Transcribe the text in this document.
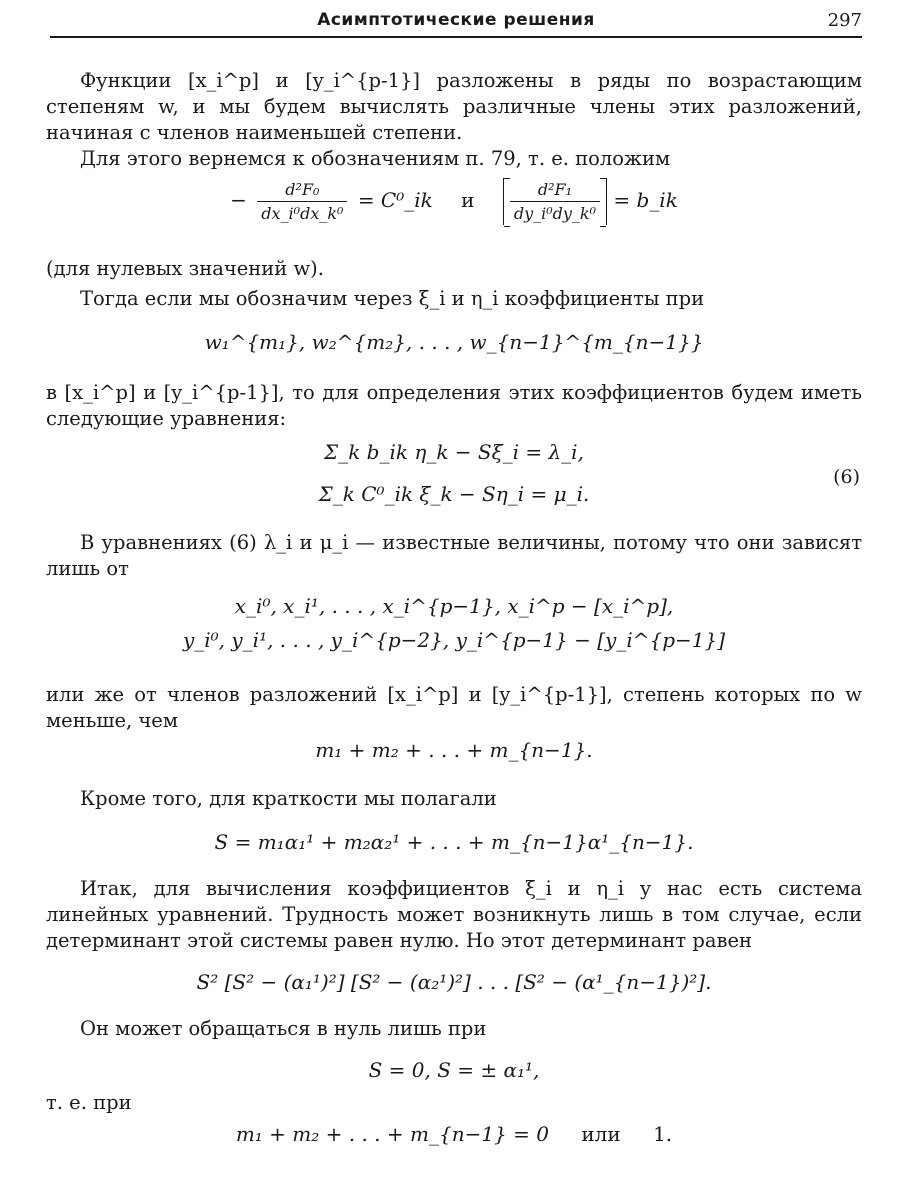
Асимптотические решения	297

Функции [x_i^p] и [y_i^{p-1}] разложены в ряды по возрастающим степеням w, и мы будем вычислять различные члены этих разложений, начиная с членов наименьшей степени.

Для этого вернемся к обозначениям п. 79, т. е. положим

− $\frac{\text{d²F₀}}{\text{dx\_i⁰dx\_k⁰}}$ = C⁰_ik и $\frac{\text{d²F₁}}{\text{dy\_i⁰dy\_k⁰}}$ = b_ik

(для нулевых значений w).

Тогда если мы обозначим через ξ_i и η_i коэффициенты при

w₁^{m₁}, w₂^{m₂}, . . . , w_{n−1}^{m_{n−1}}

в [x_i^p] и [y_i^{p-1}], то для определения этих коэффициентов будем иметь следующие уравнения:

Σ_k b_ik η_k − Sξ_i = λ_i,
Σ_k C⁰_ik ξ_k − Sη_i = μ_i.
(6)

В уравнениях (6) λ_i и μ_i — известные величины, потому что они зависят лишь от

x_i⁰, x_i¹, . . . , x_i^{p−1}, x_i^p − [x_i^p],
y_i⁰, y_i¹, . . . , y_i^{p−2}, y_i^{p−1} − [y_i^{p−1}]

или же от членов разложений [x_i^p] и [y_i^{p-1}], степень которых по w меньше, чем

m₁ + m₂ + . . . + m_{n−1}.

Кроме того, для краткости мы полагали

S = m₁α₁¹ + m₂α₂¹ + . . . + m_{n−1}α¹_{n−1}.

Итак, для вычисления коэффициентов ξ_i и η_i у нас есть система линейных уравнений. Трудность может возникнуть лишь в том случае, если детерминант этой системы равен нулю. Но этот детерминант равен

S² [S² − (α₁¹)²] [S² − (α₂¹)²] . . . [S² − (α¹_{n−1})²].

Он может обращаться в нуль лишь при

S = 0, S = ± α₁¹,

т. е. при

m₁ + m₂ + . . . + m_{n−1} = 0 или 1.
